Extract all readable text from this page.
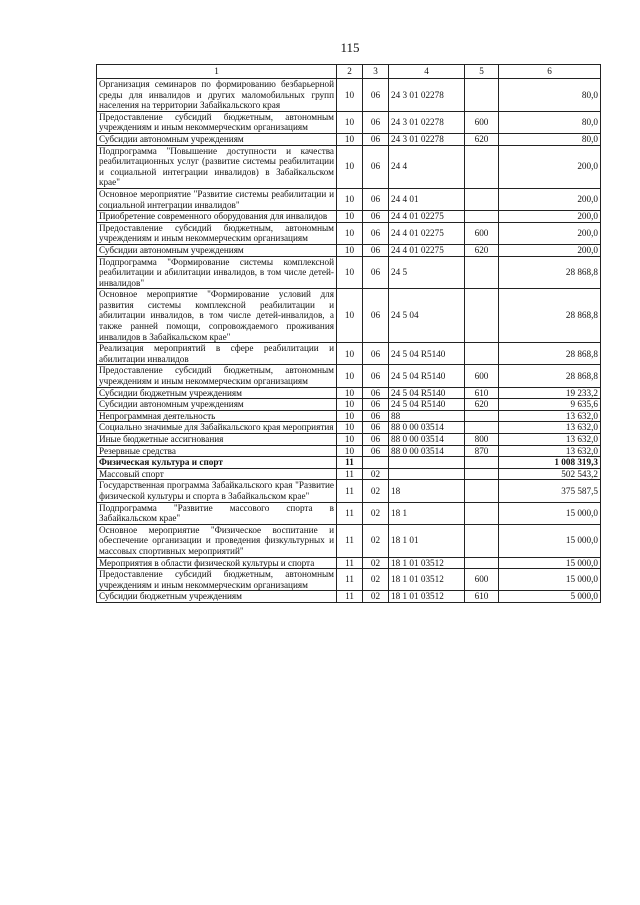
115
1	2	3	4	5	6
Организация семинаров по формированию безбарьерной среды для инвалидов и других маломобильных групп населения на территории Забайкальского края	10	06	24 3 01 02278		80,0
Предоставление субсидий бюджетным, автономным учреждениям и иным некоммерческим организациям	10	06	24 3 01 02278	600	80,0
Субсидии автономным учреждениям	10	06	24 3 01 02278	620	80,0
Подпрограмма "Повышение доступности и качества реабилитационных услуг (развитие системы реабилитации и социальной интеграции инвалидов) в Забайкальском крае"	10	06	24 4		200,0
Основное мероприятие "Развитие системы реабилитации и социальной интеграции инвалидов"	10	06	24 4 01		200,0
Приобретение современного оборудования для инвалидов	10	06	24 4 01 02275		200,0
Предоставление субсидий бюджетным, автономным учреждениям и иным некоммерческим организациям	10	06	24 4 01 02275	600	200,0
Субсидии автономным учреждениям	10	06	24 4 01 02275	620	200,0
Подпрограмма "Формирование системы комплексной реабилитации и абилитации инвалидов, в том числе детей-инвалидов"	10	06	24 5		28 868,8
Основное мероприятие "Формирование условий для развития системы комплексной реабилитации и абилитации инвалидов, в том числе детей-инвалидов, а также ранней помощи, сопровождаемого проживания инвалидов в Забайкальском крае"	10	06	24 5 04		28 868,8
Реализация мероприятий в сфере реабилитации и абилитации инвалидов	10	06	24 5 04 R5140		28 868,8
Предоставление субсидий бюджетным, автономным учреждениям и иным некоммерческим организациям	10	06	24 5 04 R5140	600	28 868,8
Субсидии бюджетным учреждениям	10	06	24 5 04 R5140	610	19 233,2
Субсидии автономным учреждениям	10	06	24 5 04 R5140	620	9 635,6
Непрограммная деятельность	10	06	88		13 632,0
Социально значимые для Забайкальского края мероприятия	10	06	88 0 00 03514		13 632,0
Иные бюджетные ассигнования	10	06	88 0 00 03514	800	13 632,0
Резервные средства	10	06	88 0 00 03514	870	13 632,0
Физическая культура и спорт	11				1 008 319,3
Массовый спорт	11	02			502 543,2
Государственная программа Забайкальского края "Развитие физической культуры и спорта в Забайкальском крае"	11	02	18		375 587,5
Подпрограмма "Развитие массового спорта в Забайкальском крае"	11	02	18 1		15 000,0
Основное мероприятие "Физическое воспитание и обеспечение организации и проведения физкультурных и массовых спортивных мероприятий"	11	02	18 1 01		15 000,0
Мероприятия в области физической культуры и спорта	11	02	18 1 01 03512		15 000,0
Предоставление субсидий бюджетным, автономным учреждениям и иным некоммерческим организациям	11	02	18 1 01 03512	600	15 000,0
Субсидии бюджетным учреждениям	11	02	18 1 01 03512	610	5 000,0
